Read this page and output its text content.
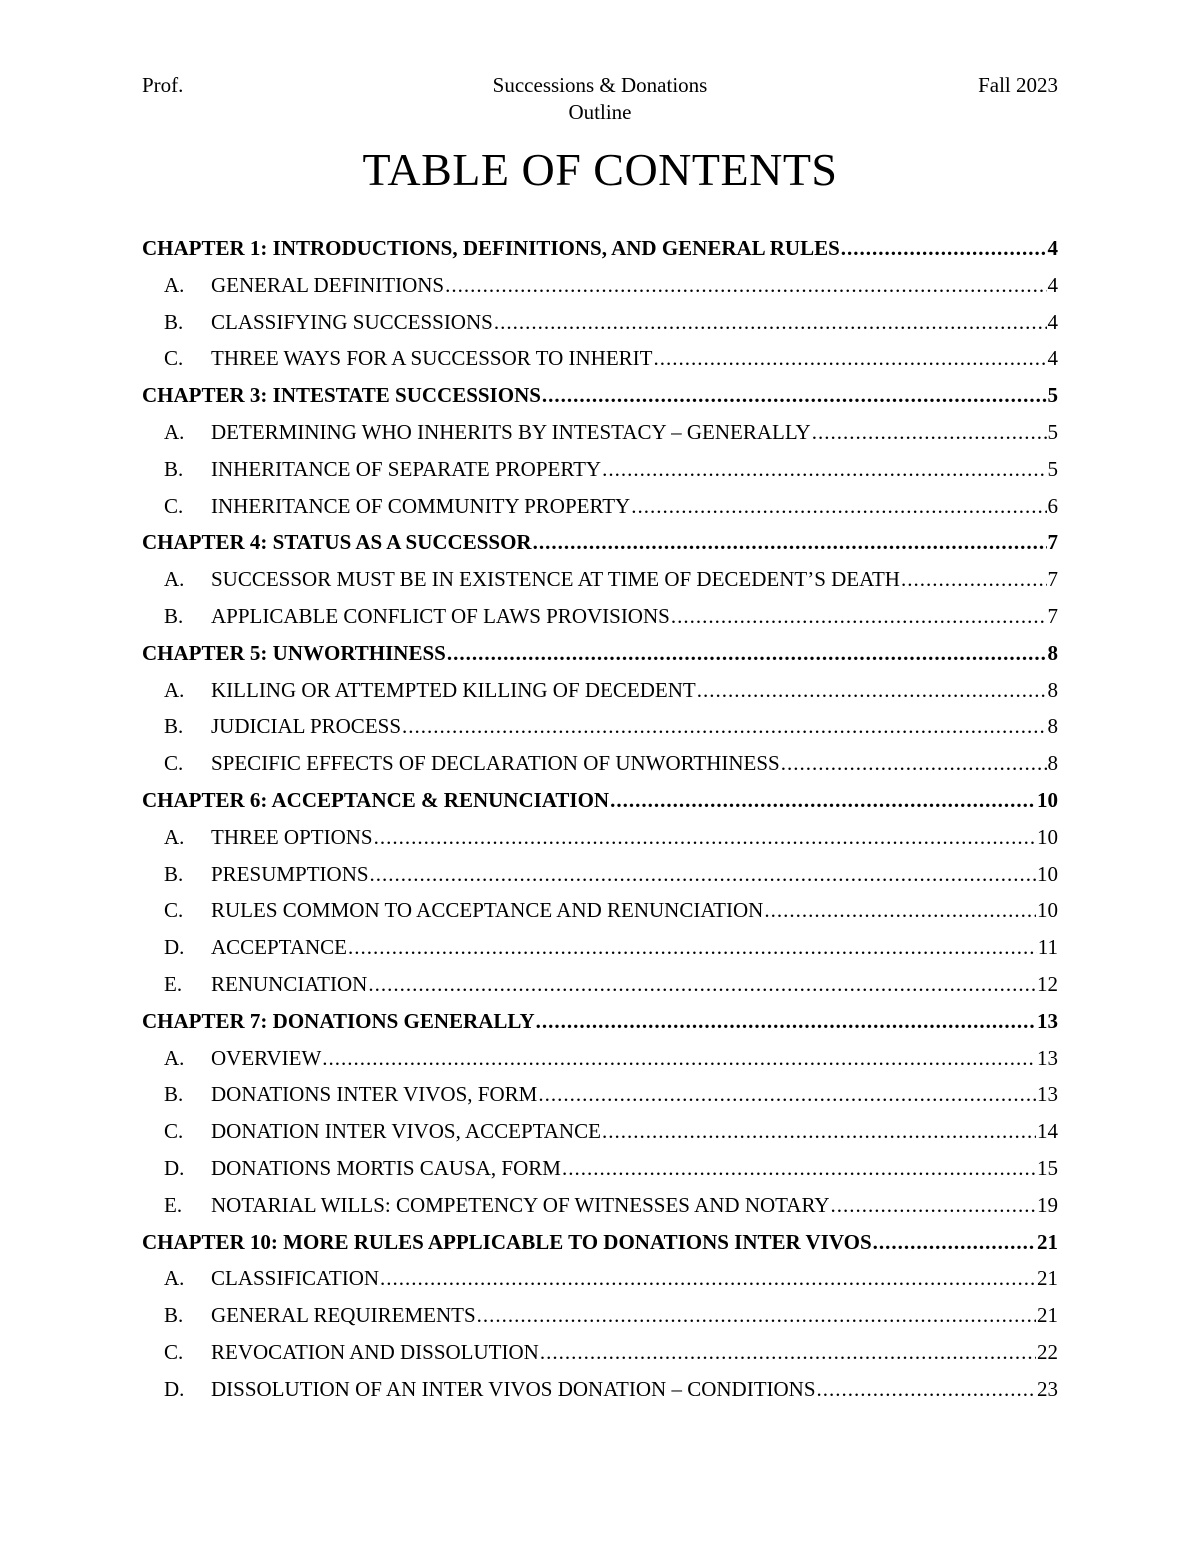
Prof.	Successions & Donations
Outline
Fall 2023
TABLE OF CONTENTS
CHAPTER 1: INTRODUCTIONS, DEFINITIONS, AND GENERAL RULES .....	4
A.	GENERAL DEFINITIONS .....	4
B.	CLASSIFYING SUCCESSIONS .....	4
C.	THREE WAYS FOR A SUCCESSOR TO INHERIT .....	4
CHAPTER 3: INTESTATE SUCCESSIONS .....	5
A.	DETERMINING WHO INHERITS BY INTESTACY – GENERALLY .....	5
B.	INHERITANCE OF SEPARATE PROPERTY .....	5
C.	INHERITANCE OF COMMUNITY PROPERTY .....	6
CHAPTER 4: STATUS AS A SUCCESSOR .....	7
A.	SUCCESSOR MUST BE IN EXISTENCE AT TIME OF DECEDENT’S DEATH .....	7
B.	APPLICABLE CONFLICT OF LAWS PROVISIONS .....	7
CHAPTER 5: UNWORTHINESS .....	8
A.	KILLING OR ATTEMPTED KILLING OF DECEDENT .....	8
B.	JUDICIAL PROCESS .....	8
C.	SPECIFIC EFFECTS OF DECLARATION OF UNWORTHINESS .....	8
CHAPTER 6: ACCEPTANCE & RENUNCIATION .....	10
A.	THREE OPTIONS .....	10
B.	PRESUMPTIONS .....	10
C.	RULES COMMON TO ACCEPTANCE AND RENUNCIATION .....	10
D.	ACCEPTANCE .....	11
E.	RENUNCIATION .....	12
CHAPTER 7: DONATIONS GENERALLY .....	13
A.	OVERVIEW .....	13
B.	DONATIONS INTER VIVOS, FORM .....	13
C.	DONATION INTER VIVOS, ACCEPTANCE .....	14
D.	DONATIONS MORTIS CAUSA, FORM .....	15
E.	NOTARIAL WILLS: COMPETENCY OF WITNESSES AND NOTARY .....	19
CHAPTER 10: MORE RULES APPLICABLE TO DONATIONS INTER VIVOS .....	21
A.	CLASSIFICATION .....	21
B.	GENERAL REQUIREMENTS .....	21
C.	REVOCATION AND DISSOLUTION .....	22
D.	DISSOLUTION OF AN INTER VIVOS DONATION – CONDITIONS .....	23
